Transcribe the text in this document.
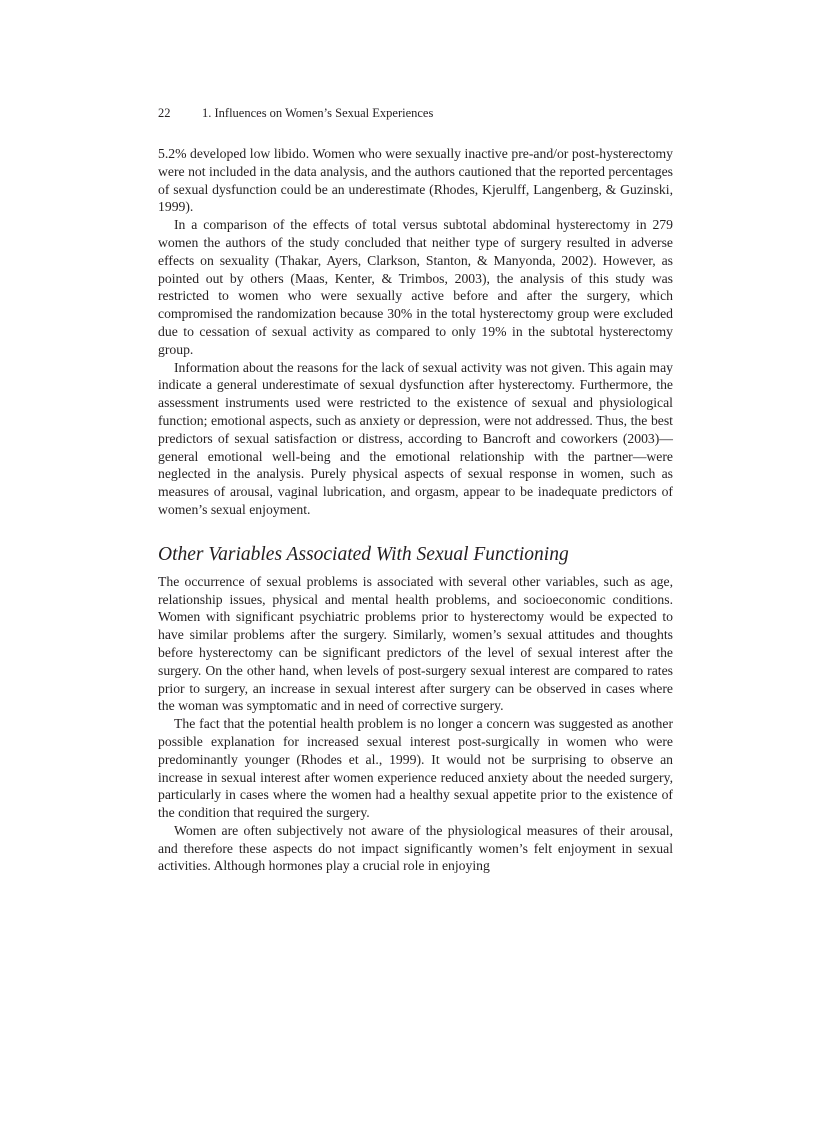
22	1. Influences on Women’s Sexual Experiences

5.2% developed low libido. Women who were sexually inactive pre-and/or post-hysterectomy were not included in the data analysis, and the authors cautioned that the reported percentages of sexual dysfunction could be an underestimate (Rhodes, Kjerulff, Langenberg, & Guzinski, 1999).

In a comparison of the effects of total versus subtotal abdominal hysterectomy in 279 women the authors of the study concluded that neither type of surgery resulted in adverse effects on sexuality (Thakar, Ayers, Clarkson, Stanton, & Manyonda, 2002). However, as pointed out by others (Maas, Kenter, & Trimbos, 2003), the analysis of this study was restricted to women who were sexually active before and after the surgery, which compromised the randomization because 30% in the total hysterectomy group were excluded due to cessation of sexual activity as compared to only 19% in the subtotal hysterectomy group.

Information about the reasons for the lack of sexual activity was not given. This again may indicate a general underestimate of sexual dysfunction after hysterectomy. Furthermore, the assessment instruments used were restricted to the existence of sexual and physiological function; emotional aspects, such as anxiety or depression, were not addressed. Thus, the best predictors of sexual satisfaction or distress, according to Bancroft and coworkers (2003)—general emotional well-being and the emotional relationship with the partner—were neglected in the analysis. Purely physical aspects of sexual response in women, such as measures of arousal, vaginal lubrication, and orgasm, appear to be inadequate predictors of women’s sexual enjoyment.

Other Variables Associated With Sexual Functioning

The occurrence of sexual problems is associated with several other variables, such as age, relationship issues, physical and mental health problems, and socioeconomic conditions. Women with significant psychiatric problems prior to hysterectomy would be expected to have similar problems after the surgery. Similarly, women’s sexual attitudes and thoughts before hysterectomy can be significant predictors of the level of sexual interest after the surgery. On the other hand, when levels of post-surgery sexual interest are compared to rates prior to surgery, an increase in sexual interest after surgery can be observed in cases where the woman was symptomatic and in need of corrective surgery.

The fact that the potential health problem is no longer a concern was suggested as another possible explanation for increased sexual interest post-surgically in women who were predominantly younger (Rhodes et al., 1999). It would not be surprising to observe an increase in sexual interest after women experience reduced anxiety about the needed surgery, particularly in cases where the women had a healthy sexual appetite prior to the existence of the condition that required the surgery.

Women are often subjectively not aware of the physiological measures of their arousal, and therefore these aspects do not impact significantly women’s felt enjoyment in sexual activities. Although hormones play a crucial role in enjoying
